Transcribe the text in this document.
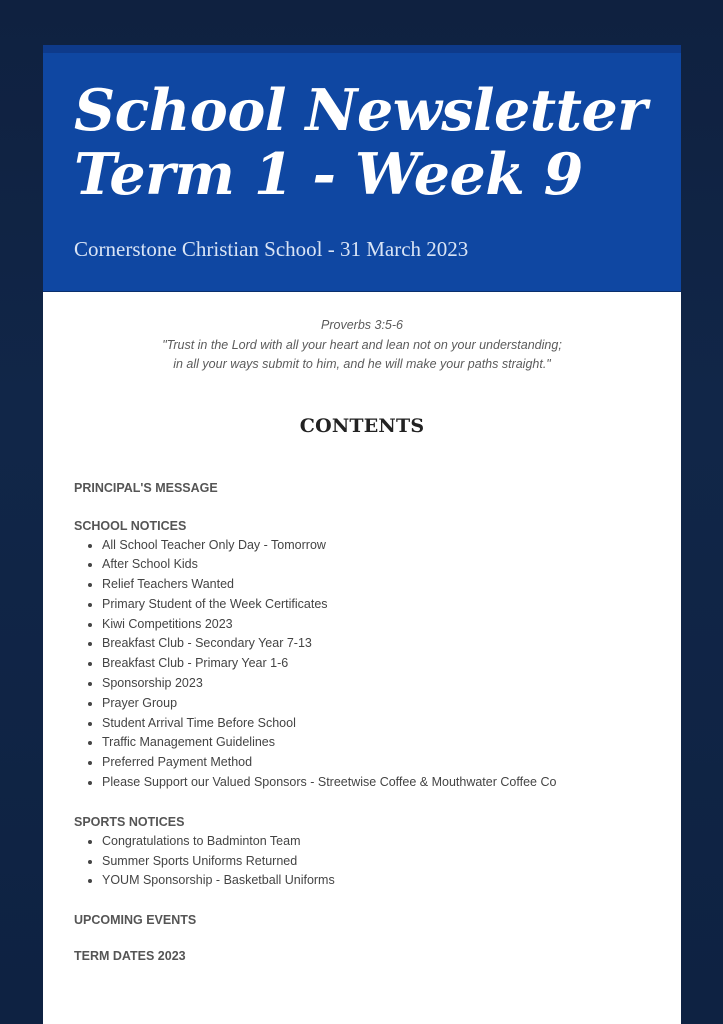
School Newsletter
Term 1 - Week 9
Cornerstone Christian School - 31 March 2023
Proverbs 3:5-6
"Trust in the Lord with all your heart and lean not on your understanding;
in all your ways submit to him, and he will make your paths straight."
CONTENTS
PRINCIPAL'S MESSAGE
SCHOOL NOTICES
• All School Teacher Only Day - Tomorrow
• After School Kids
• Relief Teachers Wanted
• Primary Student of the Week Certificates
• Kiwi Competitions 2023
• Breakfast Club - Secondary Year 7-13
• Breakfast Club - Primary Year 1-6
• Sponsorship 2023
• Prayer Group
• Student Arrival Time Before School
• Traffic Management Guidelines
• Preferred Payment Method
• Please Support our Valued Sponsors - Streetwise Coffee & Mouthwater Coffee Co
SPORTS NOTICES
• Congratulations to Badminton Team
• Summer Sports Uniforms Returned
• YOUM Sponsorship - Basketball Uniforms
UPCOMING EVENTS
TERM DATES 2023
